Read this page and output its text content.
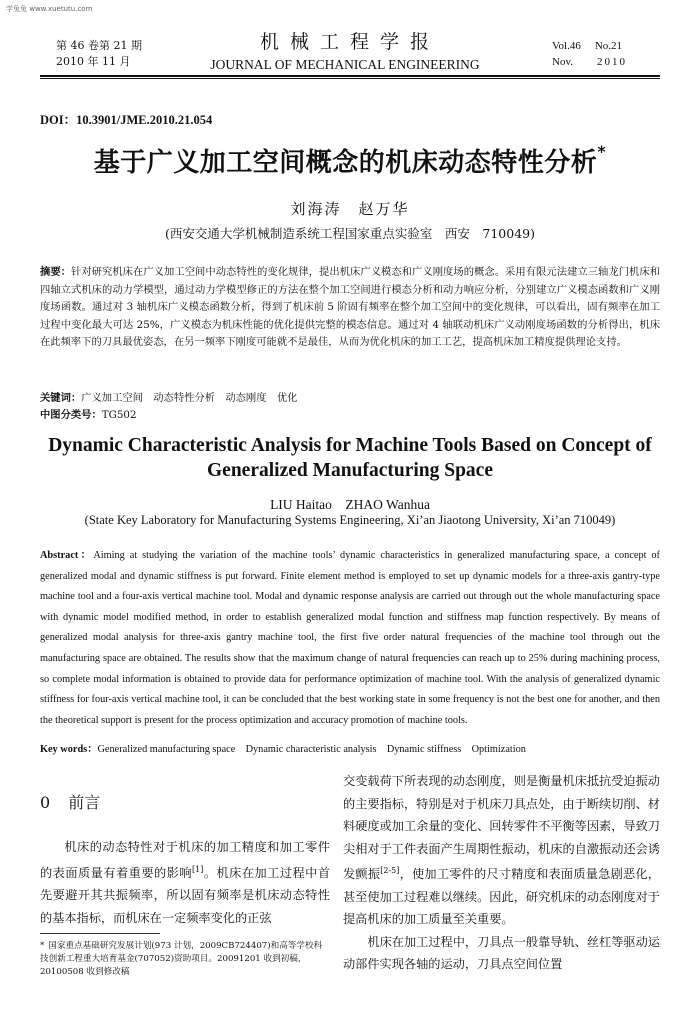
学兔兔 www.xuetutu.com
第 46 卷第 21 期
2010 年 11 月
机械工程学报
JOURNAL OF MECHANICAL ENGINEERING
Vol.46 No.21
Nov. 2010
DOI：10.3901/JME.2010.21.054
基于广义加工空间概念的机床动态特性分析*
刘海涛　赵万华
(西安交通大学机械制造系统工程国家重点实验室　西安　710049)

摘要：针对研究机床在广义加工空间中动态特性的变化规律，提出机床广义模态和广义刚度场的概念。采用有限元法建立三轴龙门机床和四轴立式机床的动力学模型，通过动力学模型修正的方法在整个加工空间进行模态分析和动力响应分析，分别建立广义模态函数和广义刚度场函数。通过对 3 轴机床广义模态函数分析，得到了机床前 5 阶固有频率在整个加工空间中的变化规律，可以看出，固有频率在加工过程中变化最大可达 25%，广义模态为机床性能的优化提供完整的模态信息。通过对 4 轴联动机床广义动刚度场函数的分析得出，机床在此频率下的刀具最优姿态，在另一频率下刚度可能就不是最佳，从而为优化机床的加工工艺，提高机床加工精度提供理论支持。

关键词：广义加工空间　动态特性分析　动态刚度　优化
中图分类号：TG502
Dynamic Characteristic Analysis for Machine Tools Based on Concept of
Generalized Manufacturing Space
LIU Haitao　ZHAO Wanhua
(State Key Laboratory for Manufacturing Systems Engineering, Xi’an Jiaotong University, Xi’an 710049)
Abstract：Aiming at studying the variation of the machine tools’ dynamic characteristics in generalized manufacturing space, a concept of generalized modal and dynamic stiffness is put forward. Finite element method is employed to set up dynamic models for a three-axis gantry-type machine tool and a four-axis vertical machine tool. Modal and dynamic response analysis are carried out through out the whole manufacturing space with dynamic model modified method, in order to establish generalized modal function and stiffness map function respectively. By means of generalized modal analysis for three-axis gantry machine tool, the first five order natural frequencies of the machine tool through out the manufacturing space are obtained. The results show that the maximum change of natural frequencies can reach up to 25% during machining process, so complete modal information is obtained to provide data for performance optimization of machine tool. With the analysis of generalized dynamic stiffness for four-axis vertical machine tool, it can be concluded that the best working state in some frequency is not the best one for another, and then the theoretical support is present for the process optimization and accuracy promotion of machine tools.
Key words：Generalized manufacturing space　Dynamic characteristic analysis　Dynamic stiffness　Optimization
0 前言

机床的动态特性对于机床的加工精度和加工零件的表面质量有着重要的影响[1]。机床在加工过程中首先要避开其共振频率，所以固有频率是机床动态特性的基本指标，而机床在一定频率变化的正弦

交变载荷下所表现的动态刚度，则是衡量机床抵抗受迫振动的主要指标，特别是对于机床刀具点处，由于断续切削、材料硬度或加工余量的变化、回转零件不平衡等因素，导致刀尖相对于工件表面产生周期性振动，机床的自激振动还会诱发颤振[2-5]，使加工零件的尺寸精度和表面质量急剧恶化，甚至使加工过程难以继续。因此，研究机床的动态刚度对于提高机床的加工质量至关重要。

机床在加工过程中，刀具点一般靠导轨、丝杠等驱动运动部件实现各轴的运动，刀具点空间位置

* 国家重点基础研究发展计划(973 计划，2009CB724407)和高等学校科技创新工程重大培育基金(707052)资助项目。20091201 收到初稿，20100508 收到修改稿
